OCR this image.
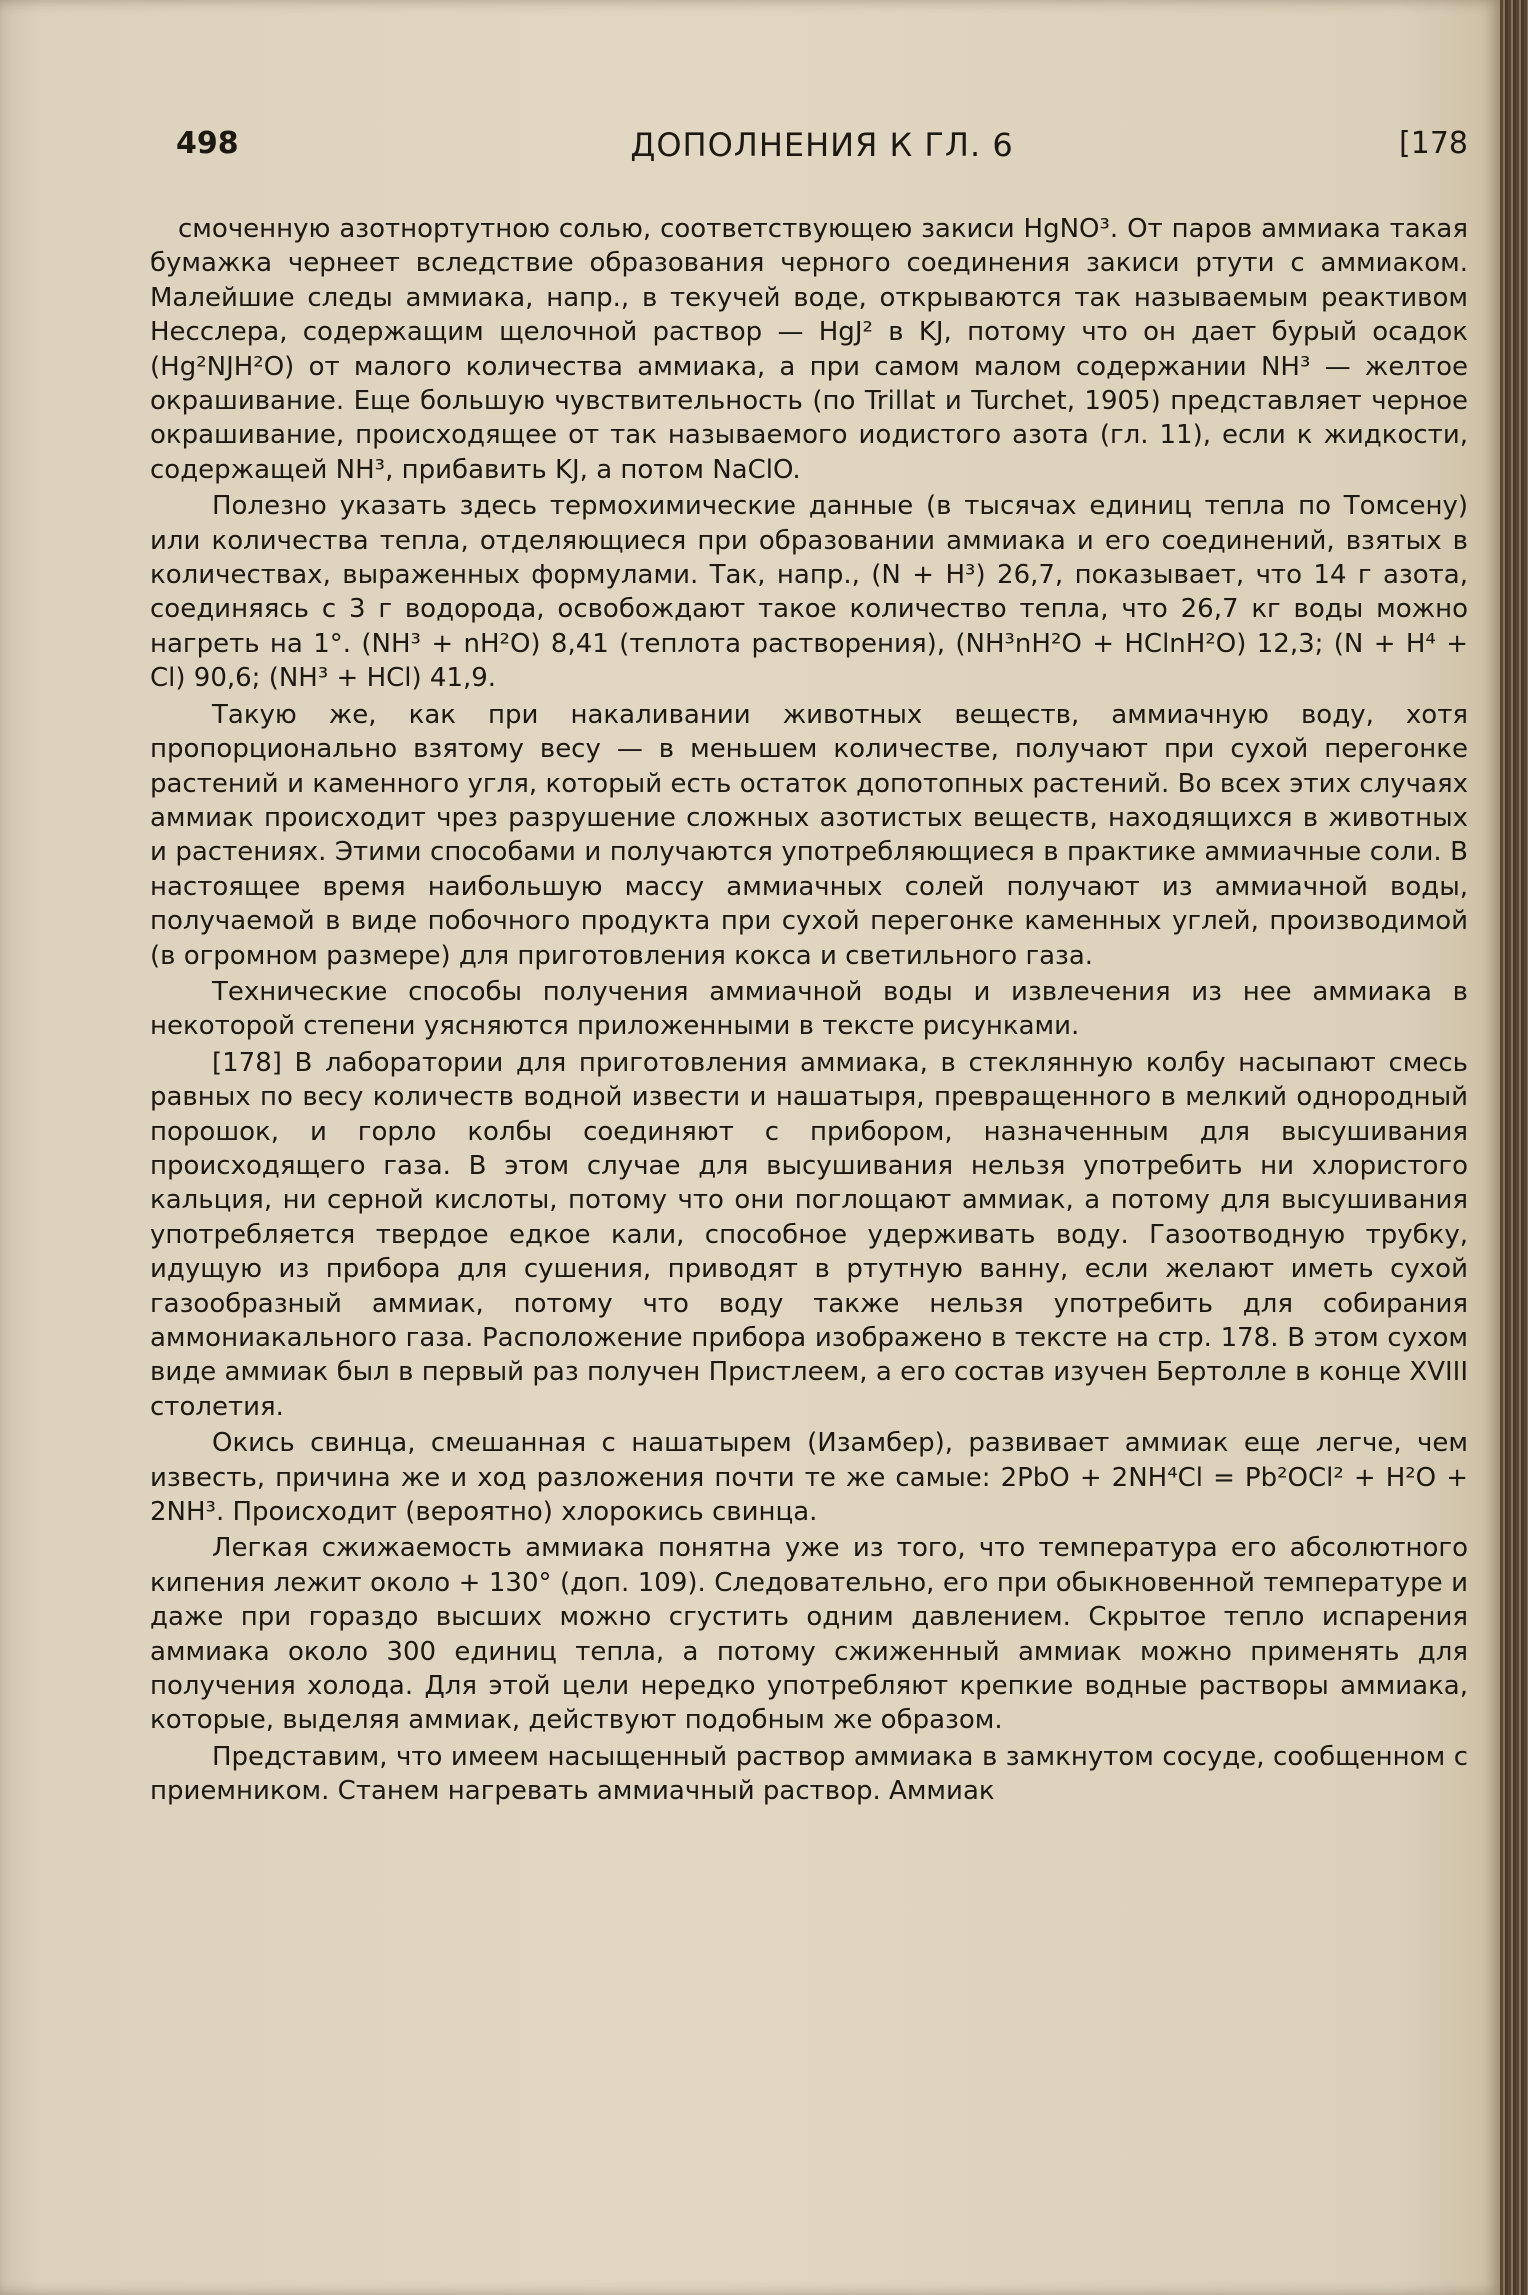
498	ДОПОЛНЕНИЯ К ГЛ. 6	[178

смоченную азотнортутною солью, соответствующею закиси HgNO³. От паров аммиака такая бумажка чернеет вследствие образования черного соединения закиси ртути с аммиаком. Малейшие следы аммиака, напр., в текучей воде, открываются так называемым реактивом Несслера, содержащим щелочной раствор — HgJ² в KJ, потому что он дает бурый осадок (Hg²NJH²O) от малого количества аммиака, а при самом малом содержании NH³ — желтое окрашивание. Еще большую чувствительность (по Trillat и Turchet, 1905) представляет черное окрашивание, происходящее от так называемого иодистого азота (гл. 11), если к жидкости, содержащей NH³, прибавить KJ, а потом NaClO.

Полезно указать здесь термохимические данные (в тысячах единиц тепла по Томсену) или количества тепла, отделяющиеся при образовании аммиака и его соединений, взятых в количествах, выраженных формулами. Так, напр., (N + H³) 26,7, показывает, что 14 г азота, соединяясь с 3 г водорода, освобождают такое количество тепла, что 26,7 кг воды можно нагреть на 1°. (NH³ + nH²O) 8,41 (теплота растворения), (NH³nH²O + HClnH²O) 12,3; (N + H⁴ + Cl) 90,6; (NH³ + HCl) 41,9.

Такую же, как при накаливании животных веществ, аммиачную воду, хотя пропорционально взятому весу — в меньшем количестве, получают при сухой перегонке растений и каменного угля, который есть остаток допотопных растений. Во всех этих случаях аммиак происходит чрез разрушение сложных азотистых веществ, находящихся в животных и растениях. Этими способами и получаются употребляющиеся в практике аммиачные соли. В настоящее время наибольшую массу аммиачных солей получают из аммиачной воды, получаемой в виде побочного продукта при сухой перегонке каменных углей, производимой (в огромном размере) для приготовления кокса и светильного газа.

Технические способы получения аммиачной воды и извлечения из нее аммиака в некоторой степени уясняются приложенными в тексте рисунками.

[178] В лаборатории для приготовления аммиака, в стеклянную колбу насыпают смесь равных по весу количеств водной извести и нашатыря, превращенного в мелкий однородный порошок, и горло колбы соединяют с прибором, назначенным для высушивания происходящего газа. В этом случае для высушивания нельзя употребить ни хлористого кальция, ни серной кислоты, потому что они поглощают аммиак, а потому для высушивания употребляется твердое едкое кали, способное удерживать воду. Газоотводную трубку, идущую из прибора для сушения, приводят в ртутную ванну, если желают иметь сухой газообразный аммиак, потому что воду также нельзя употребить для собирания аммониакального газа. Расположение прибора изображено в тексте на стр. 178. В этом сухом виде аммиак был в первый раз получен Пристлеем, а его состав изучен Бертолле в конце XVIII столетия.

Окись свинца, смешанная с нашатырем (Изамбер), развивает аммиак еще легче, чем известь, причина же и ход разложения почти те же самые: 2PbO + 2NH⁴Cl = Pb²OCl² + H²O + 2NH³. Происходит (вероятно) хлорокись свинца.

Легкая сжижаемость аммиака понятна уже из того, что температура его абсолютного кипения лежит около + 130° (доп. 109). Следовательно, его при обыкновенной температуре и даже при гораздо высших можно сгустить одним давлением. Скрытое тепло испарения аммиака около 300 единиц тепла, а потому сжиженный аммиак можно применять для получения холода. Для этой цели нередко употребляют крепкие водные растворы аммиака, которые, выделяя аммиак, действуют подобным же образом.

Представим, что имеем насыщенный раствор аммиака в замкнутом сосуде, сообщенном с приемником. Станем нагревать аммиачный раствор. Аммиак
